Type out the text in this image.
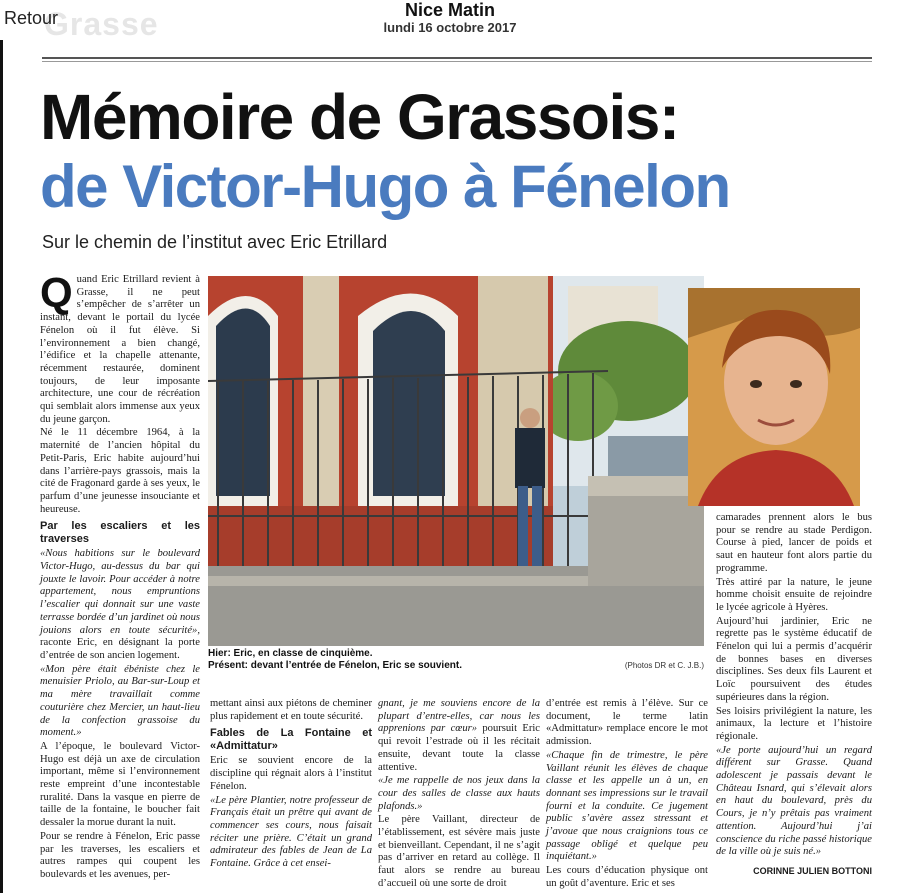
Grasse
Retour	Nice Matin
lundi 16 octobre 2017
Mémoire de Grassois:
de Victor-Hugo à Fénelon
Sur le chemin de l’institut avec Eric Etrillard

Quand Eric Etrillard revient à Grasse, il ne peut s’empêcher de s’arrêter un instant, devant le portail du lycée Fénelon où il fut élève. Si l’environnement a bien changé, l’édifice et la chapelle attenante, récemment restaurée, dominent toujours, de leur imposante architecture, une cour de récréation qui semblait alors immense aux yeux du jeune garçon.

Né le 11 décembre 1964, à la maternité de l’ancien hôpital du Petit-Paris, Eric habite aujourd’hui dans l’arrière-pays grassois, mais la cité de Fragonard garde à ses yeux, le parfum d’une jeunesse insouciante et heureuse.

Par les escaliers et les traverses

«Nous habitions sur le boulevard Victor-Hugo, au-dessus du bar qui jouxte le lavoir. Pour accéder à notre appartement, nous empruntions l’escalier qui donnait sur une vaste terrasse bordée d’un jardinet où nous jouions alors en toute sécurité», raconte Eric, en désignant la porte d’entrée de son ancien logement.

«Mon père était ébéniste chez le menuisier Priolo, au Bar-sur-Loup et ma mère travaillait comme couturière chez Mercier, un haut-lieu de la confection grassoise du moment.»

A l’époque, le boulevard Victor-Hugo est déjà un axe de circulation important, même si l’environnement reste empreint d’une incontestable ruralité. Dans la vasque en pierre de taille de la fontaine, le boucher fait dessaler la morue durant la nuit.

Pour se rendre à Fénelon, Eric passe par les traverses, les escaliers et autres rampes qui coupent les boulevards et les avenues, per-

Hier: Eric, en classe de cinquième.
Présent: devant l’entrée de Fénelon, Eric se souvient.	(Photos DR et C. J.B.)

mettant ainsi aux piétons de cheminer plus rapidement et en toute sécurité.

Fables de La Fontaine et «Admittatur»

Eric se souvient encore de la discipline qui régnait alors à l’institut Fénelon.

«Le père Plantier, notre professeur de Français était un prêtre qui avant de commencer ses cours, nous faisait réciter une prière. C’était un grand admirateur des fables de Jean de La Fontaine. Grâce à cet ensei-

gnant, je me souviens encore de la plupart d’entre-elles, car nous les apprenions par cœur» poursuit Eric qui revoit l’estrade où il les récitait ensuite, devant toute la classe attentive.

«Je me rappelle de nos jeux dans la cour des salles de classe aux hauts plafonds.»

Le père Vaillant, directeur de l’établissement, est sévère mais juste et bienveillant. Cependant, il ne s’agit pas d’arriver en retard au collège. Il faut alors se rendre au bureau d’accueil où une sorte de droit

d’entrée est remis à l’élève. Sur ce document, le terme latin «Admittatur» remplace encore le mot admission.

«Chaque fin de trimestre, le père Vaillant réunit les élèves de chaque classe et les appelle un à un, en donnant ses impressions sur le travail fourni et la conduite. Ce jugement public s’avère assez stressant et j’avoue que nous craignions tous ce passage obligé et quelque peu inquiétant.»

Les cours d’éducation physique ont un goût d’aventure. Eric et ses

camarades prennent alors le bus pour se rendre au stade Perdigon. Course à pied, lancer de poids et saut en hauteur font alors partie du programme.

Très attiré par la nature, le jeune homme choisit ensuite de rejoindre le lycée agricole à Hyères.

Aujourd’hui jardinier, Eric ne regrette pas le système éducatif de Fénelon qui lui a permis d’acquérir de bonnes bases en diverses disciplines. Ses deux fils Laurent et Loïc poursuivent des études supérieures dans la région.

Ses loisirs privilégient la nature, les animaux, la lecture et l’histoire régionale.

«Je porte aujourd’hui un regard différent sur Grasse. Quand adolescent je passais devant le Château Isnard, qui s’élevait alors en haut du boulevard, près du Cours, je n’y prêtais pas vraiment attention. Aujourd’hui j’ai conscience du riche passé historique de la ville où je suis né.»

CORINNE JULIEN BOTTONI
